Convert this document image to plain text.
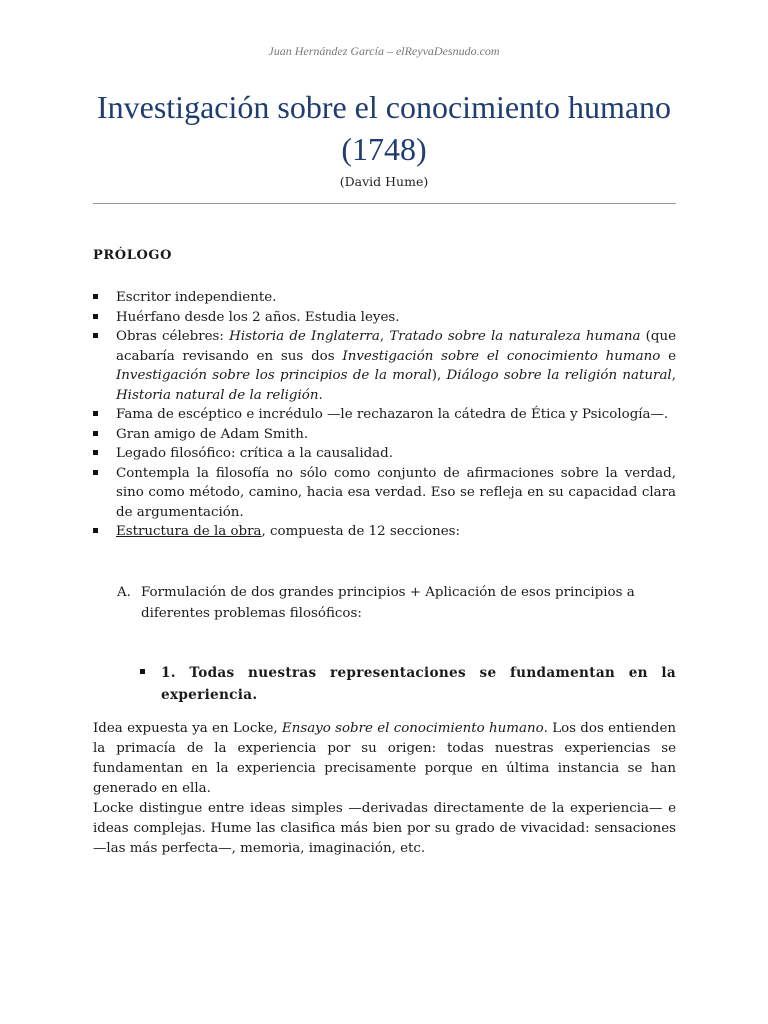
Juan Hernández García – elReyvaDesnudo.com
Investigación sobre el conocimiento humano (1748)
(David Hume)
PRÓLOGO
Escritor independiente.
Huérfano desde los 2 años. Estudia leyes.
Obras célebres: Historia de Inglaterra, Tratado sobre la naturaleza humana (que acabaría revisando en sus dos Investigación sobre el conocimiento humano e Investigación sobre los principios de la moral), Diálogo sobre la religión natural, Historia natural de la religión.
Fama de escéptico e incrédulo —le rechazaron la cátedra de Ética y Psicología—.
Gran amigo de Adam Smith.
Legado filosófico: crítica a la causalidad.
Contempla la filosofía no sólo como conjunto de afirmaciones sobre la verdad, sino como método, camino, hacia esa verdad. Eso se refleja en su capacidad clara de argumentación.
Estructura de la obra, compuesta de 12 secciones:
A. Formulación de dos grandes principios + Aplicación de esos principios a diferentes problemas filosóficos:
1. Todas nuestras representaciones se fundamentan en la experiencia.
Idea expuesta ya en Locke, Ensayo sobre el conocimiento humano. Los dos entienden la primacía de la experiencia por su origen: todas nuestras experiencias se fundamentan en la experiencia precisamente porque en última instancia se han generado en ella.
Locke distingue entre ideas simples —derivadas directamente de la experiencia— e ideas complejas. Hume las clasifica más bien por su grado de vivacidad: sensaciones —las más perfecta—, memoria, imaginación, etc.
